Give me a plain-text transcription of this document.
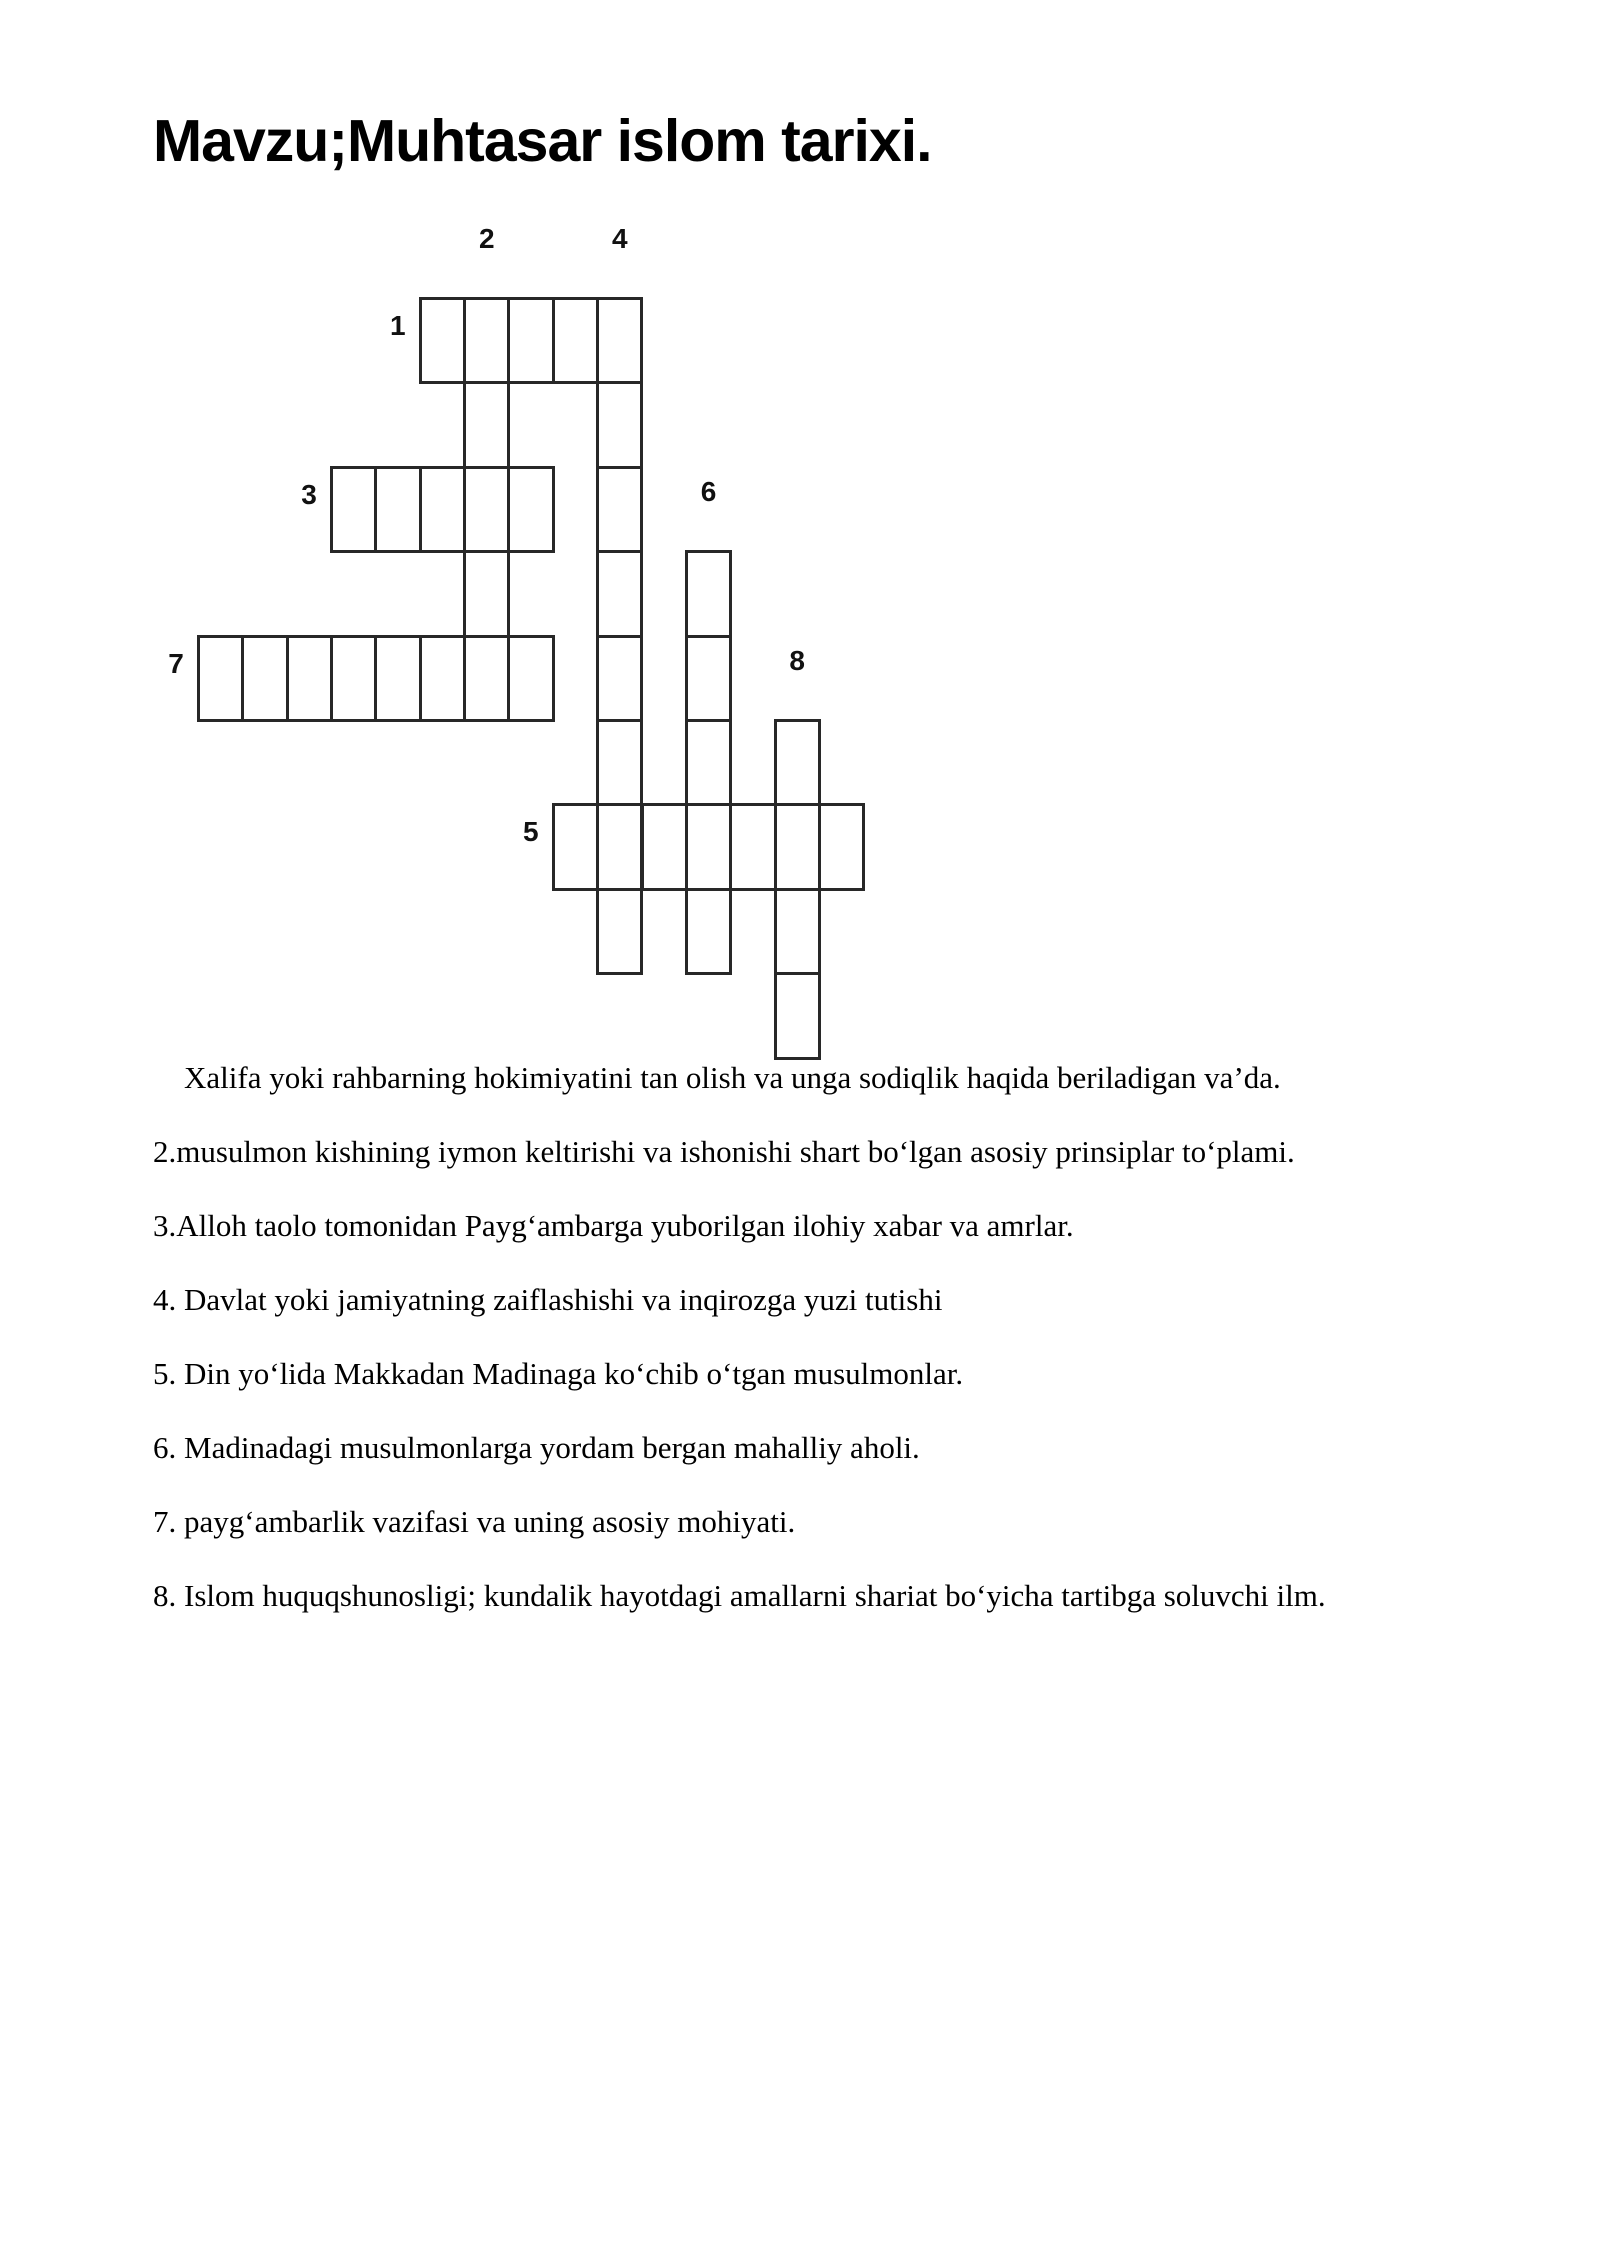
Mavzu;Muhtasar islom tarixi.
1
2
3
4
5
6
7	8

Xalifa yoki rahbarning hokimiyatini tan olish va unga sodiqlik haqida beriladigan va’da.

2.musulmon kishining iymon keltirishi va ishonishi shart bo‘lgan asosiy prinsiplar to‘plami.

3.Alloh taolo tomonidan Payg‘ambarga yuborilgan ilohiy xabar va amrlar.

4. Davlat yoki jamiyatning zaiflashishi va inqirozga yuzi tutishi

5. Din yo‘lida Makkadan Madinaga ko‘chib o‘tgan musulmonlar.

6. Madinadagi musulmonlarga yordam bergan mahalliy aholi.

7. payg‘ambarlik vazifasi va uning asosiy mohiyati.

8. Islom huquqshunosligi; kundalik hayotdagi amallarni shariat bo‘yicha tartibga soluvchi ilm.
